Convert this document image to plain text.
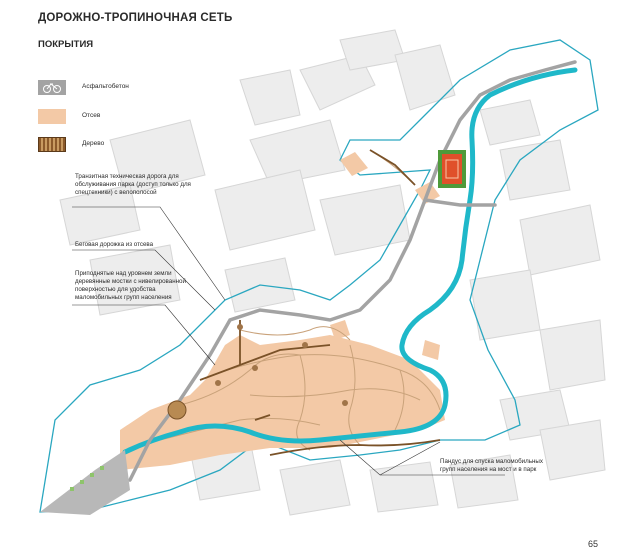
ДОРОЖНО-ТРОПИНОЧНАЯ СЕТЬ
ПОКРЫТИЯ
Асфальтобетон
Отсев
Дерево
Транзитная техническая дорога для обслуживания парка (доступ только для спецтехники) с велополосой
Беговая дорожка из отсева
Приподнятые над уровнем земли деревянные мостки с нивелированной поверхностью для удобства маломобильных групп населения
Пандус для спуска маломобильных групп населения на мост и в парк
65
